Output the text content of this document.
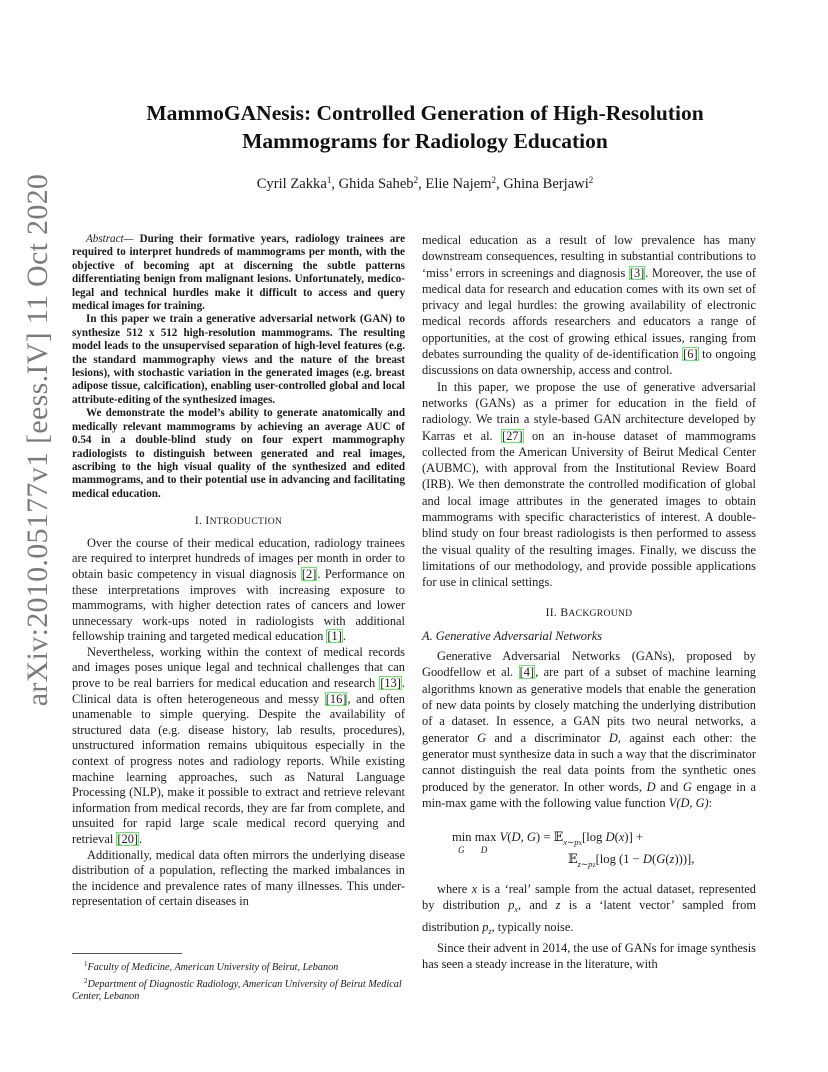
arXiv:2010.05177v1 [eess.IV] 11 Oct 2020
MammoGANesis: Controlled Generation of High-Resolution Mammograms for Radiology Education
Cyril Zakka$^1$, Ghida Saheb$^2$, Elie Najem$^2$, Ghina Berjawi$^2$

Abstract— During their formative years, radiology trainees are required to interpret hundreds of mammograms per month, with the objective of becoming apt at discerning the subtle patterns differentiating benign from malignant lesions. Unfortunately, medico-legal and technical hurdles make it difficult to access and query medical images for training.

In this paper we train a generative adversarial network (GAN) to synthesize 512 x 512 high-resolution mammograms. The resulting model leads to the unsupervised separation of high-level features (e.g. the standard mammography views and the nature of the breast lesions), with stochastic variation in the generated images (e.g. breast adipose tissue, calcification), enabling user-controlled global and local attribute-editing of the synthesized images.

We demonstrate the model’s ability to generate anatomically and medically relevant mammograms by achieving an average AUC of 0.54 in a double-blind study on four expert mammography radiologists to distinguish between generated and real images, ascribing to the high visual quality of the synthesized and edited mammograms, and to their potential use in advancing and facilitating medical education.

I. INTRODUCTION

Over the course of their medical education, radiology trainees are required to interpret hundreds of images per month in order to obtain basic competency in visual diagnosis [2]. Performance on these interpretations improves with increasing exposure to mammograms, with higher detection rates of cancers and lower unnecessary work-ups noted in radiologists with additional fellowship training and targeted medical education [1].

Nevertheless, working within the context of medical records and images poses unique legal and technical challenges that can prove to be real barriers for medical education and research [13]. Clinical data is often heterogeneous and messy [16], and often unamenable to simple querying. Despite the availability of structured data (e.g. disease history, lab results, procedures), unstructured information remains ubiquitous especially in the context of progress notes and radiology reports. While existing machine learning approaches, such as Natural Language Processing (NLP), make it possible to extract and retrieve relevant information from medical records, they are far from complete, and unsuited for rapid large scale medical record querying and retrieval [20].

Additionally, medical data often mirrors the underlying disease distribution of a population, reflecting the marked imbalances in the incidence and prevalence rates of many illnesses. This under-representation of certain diseases in

$^1$Faculty of Medicine, American University of Beirut, Lebanon
$^2$Department of Diagnostic Radiology, American University of Beirut Medical Center, Lebanon

medical education as a result of low prevalence has many downstream consequences, resulting in substantial contributions to ‘miss’ errors in screenings and diagnosis [3]. Moreover, the use of medical data for research and education comes with its own set of privacy and legal hurdles: the growing availability of electronic medical records affords researchers and educators a range of opportunities, at the cost of growing ethical issues, ranging from debates surrounding the quality of de-identification [6] to ongoing discussions on data ownership, access and control.

In this paper, we propose the use of generative adversarial networks (GANs) as a primer for education in the field of radiology. We train a style-based GAN architecture developed by Karras et al. [27] on an in-house dataset of mammograms collected from the American University of Beirut Medical Center (AUBMC), with approval from the Institutional Review Board (IRB). We then demonstrate the controlled modification of global and local image attributes in the generated images to obtain mammograms with specific characteristics of interest. A double-blind study on four breast radiologists is then performed to assess the visual quality of the resulting images. Finally, we discuss the limitations of our methodology, and provide possible applications for use in clinical settings.

II. BACKGROUND
A. Generative Adversarial Networks

Generative Adversarial Networks (GANs), proposed by Goodfellow et al. [4], are part of a subset of machine learning algorithms known as generative models that enable the generation of new data points by closely matching the underlying distribution of a dataset. In essence, a GAN pits two neural networks, a generator G and a discriminator D, against each other: the generator must synthesize data in such a way that the discriminator cannot distinguish the real data points from the synthetic ones produced by the generator. In other words, D and G engage in a min-max game with the following value function V(D, G):

min
G
max
D
V(D, G) = 𝔼$_{x\sim px}$[log D(x)] +
𝔼$_{z\sim pz}$[log (1 − D(G(z)))],

where x is a ‘real’ sample from the actual dataset, represented by distribution $p_x$, and z is a ‘latent vector’ sampled from distribution $p_z$, typically noise.

Since their advent in 2014, the use of GANs for image synthesis has seen a steady increase in the literature, with
